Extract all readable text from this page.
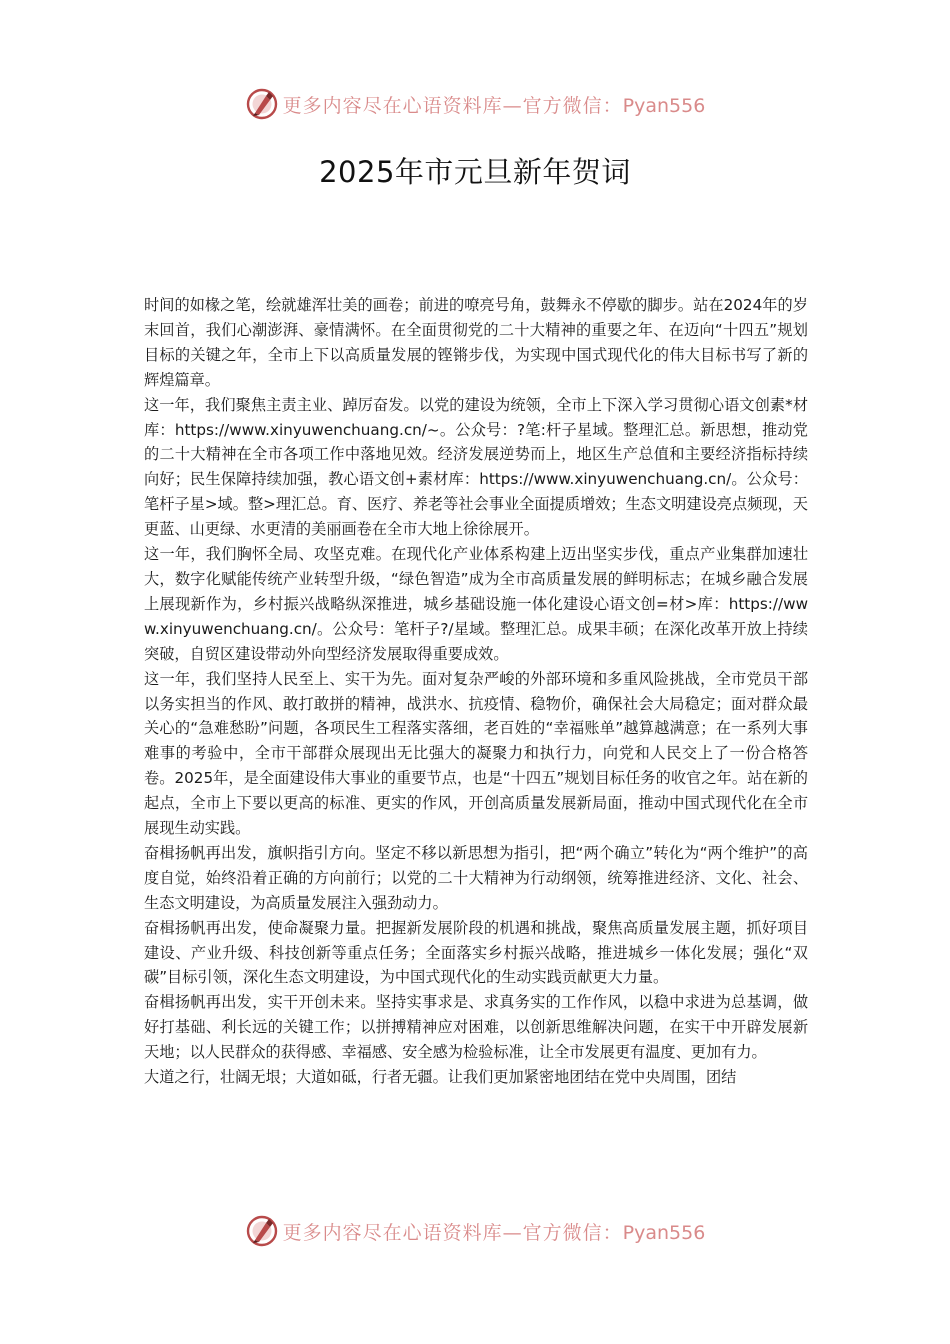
更多内容尽在心语资料库—官方微信：Pyan556
2025年市元旦新年贺词

时间的如椽之笔，绘就雄浑壮美的画卷；前进的嘹亮号角，鼓舞永不停歇的脚步。站在2024年的岁末回首，我们心潮澎湃、豪情满怀。在全面贯彻党的二十大精神的重要之年、在迈向“十四五”规划目标的关键之年，全市上下以高质量发展的铿锵步伐，为实现中国式现代化的伟大目标书写了新的辉煌篇章。

这一年，我们聚焦主责主业、踔厉奋发。以党的建设为统领，全市上下深入学习贯彻心语文创素*材库：https://www.xinyuwenchuang.cn/~。公众号：?笔:杆子星域。整理汇总。新思想，推动党的二十大精神在全市各项工作中落地见效。经济发展逆势而上，地区生产总值和主要经济指标持续向好；民生保障持续加强，教心语文创+素材库：https://www.xinyuwenchuang.cn/。公众号：笔杆子星>域。整>理汇总。育、医疗、养老等社会事业全面提质增效；生态文明建设亮点频现，天更蓝、山更绿、水更清的美丽画卷在全市大地上徐徐展开。

这一年，我们胸怀全局、攻坚克难。在现代化产业体系构建上迈出坚实步伐，重点产业集群加速壮大，数字化赋能传统产业转型升级，“绿色智造”成为全市高质量发展的鲜明标志；在城乡融合发展上展现新作为，乡村振兴战略纵深推进，城乡基础设施一体化建设心语文创=材>库：https://www.xinyuwenchuang.cn/。公众号：笔杆子?/星域。整理汇总。成果丰硕；在深化改革开放上持续突破，自贸区建设带动外向型经济发展取得重要成效。

这一年，我们坚持人民至上、实干为先。面对复杂严峻的外部环境和多重风险挑战，全市党员干部以务实担当的作风、敢打敢拼的精神，战洪水、抗疫情、稳物价，确保社会大局稳定；面对群众最关心的“急难愁盼”问题，各项民生工程落实落细，老百姓的“幸福账单”越算越满意；在一系列大事难事的考验中，全市干部群众展现出无比强大的凝聚力和执行力，向党和人民交上了一份合格答卷。2025年，是全面建设伟大事业的重要节点，也是“十四五”规划目标任务的收官之年。站在新的起点，全市上下要以更高的标准、更实的作风，开创高质量发展新局面，推动中国式现代化在全市展现生动实践。

奋楫扬帆再出发，旗帜指引方向。坚定不移以新思想为指引，把“两个确立”转化为“两个维护”的高度自觉，始终沿着正确的方向前行；以党的二十大精神为行动纲领，统筹推进经济、文化、社会、生态文明建设，为高质量发展注入强劲动力。

奋楫扬帆再出发，使命凝聚力量。把握新发展阶段的机遇和挑战，聚焦高质量发展主题，抓好项目建设、产业升级、科技创新等重点任务；全面落实乡村振兴战略，推进城乡一体化发展；强化“双碳”目标引领，深化生态文明建设，为中国式现代化的生动实践贡献更大力量。

奋楫扬帆再出发，实干开创未来。坚持实事求是、求真务实的工作作风，以稳中求进为总基调，做好打基础、利长远的关键工作；以拼搏精神应对困难，以创新思维解决问题，在实干中开辟发展新天地；以人民群众的获得感、幸福感、安全感为检验标准，让全市发展更有温度、更加有力。

大道之行，壮阔无垠；大道如砥，行者无疆。让我们更加紧密地团结在党中央周围，团结

更多内容尽在心语资料库—官方微信：Pyan556
